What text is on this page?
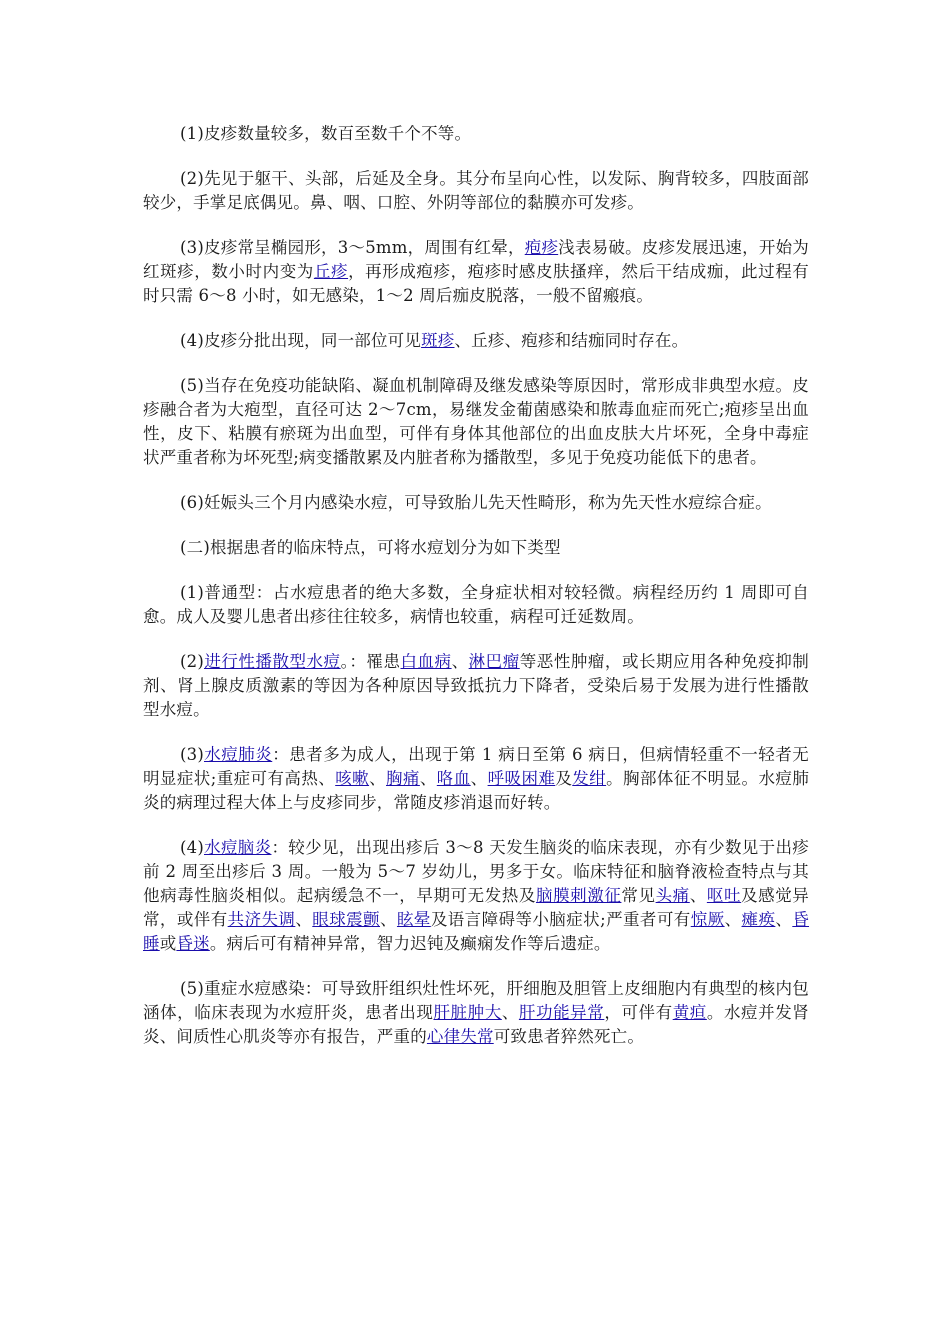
(1)皮疹数量较多，数百至数千个不等。

(2)先见于躯干、头部，后延及全身。其分布呈向心性，以发际、胸背较多，四肢面部较少，手掌足底偶见。鼻、咽、口腔、外阴等部位的黏膜亦可发疹。

(3)皮疹常呈椭园形，3～5mm，周围有红晕，疱疹浅表易破。皮疹发展迅速，开始为红斑疹，数小时内变为丘疹，再形成疱疹，疱疹时感皮肤搔痒，然后干结成痂，此过程有时只需 6～8 小时，如无感染，1～2 周后痂皮脱落，一般不留瘢痕。

(4)皮疹分批出现，同一部位可见斑疹、丘疹、疱疹和结痂同时存在。

(5)当存在免疫功能缺陷、凝血机制障碍及继发感染等原因时，常形成非典型水痘。皮疹融合者为大疱型，直径可达 2～7cm，易继发金葡菌感染和脓毒血症而死亡;疱疹呈出血性，皮下、粘膜有瘀斑为出血型，可伴有身体其他部位的出血皮肤大片坏死，全身中毒症状严重者称为坏死型;病变播散累及内脏者称为播散型，多见于免疫功能低下的患者。

(6)妊娠头三个月内感染水痘，可导致胎儿先天性畸形，称为先天性水痘综合症。

(二)根据患者的临床特点，可将水痘划分为如下类型

(1)普通型：占水痘患者的绝大多数，全身症状相对较轻微。病程经历约 1 周即可自愈。成人及婴儿患者出疹往往较多，病情也较重，病程可迁延数周。

(2)进行性播散型水痘。：罹患白血病、淋巴瘤等恶性肿瘤，或长期应用各种免疫抑制剂、肾上腺皮质激素的等因为各种原因导致抵抗力下降者，受染后易于发展为进行性播散型水痘。

(3)水痘肺炎：患者多为成人，出现于第 1 病日至第 6 病日，但病情轻重不一轻者无明显症状;重症可有高热、咳嗽、胸痛、咯血、呼吸困难及发绀。胸部体征不明显。水痘肺炎的病理过程大体上与皮疹同步，常随皮疹消退而好转。

(4)水痘脑炎：较少见，出现出疹后 3～8 天发生脑炎的临床表现，亦有少数见于出疹前 2 周至出疹后 3 周。一般为 5～7 岁幼儿，男多于女。临床特征和脑脊液检查特点与其他病毒性脑炎相似。起病缓急不一，早期可无发热及脑膜刺激征常见头痛、呕吐及感觉异常，或伴有共济失调、眼球震颤、眩晕及语言障碍等小脑症状;严重者可有惊厥、瘫痪、昏睡或昏迷。病后可有精神异常，智力迟钝及癫痫发作等后遗症。

(5)重症水痘感染：可导致肝组织灶性坏死，肝细胞及胆管上皮细胞内有典型的核内包涵体，临床表现为水痘肝炎，患者出现肝脏肿大、肝功能异常，可伴有黄疸。水痘并发肾炎、间质性心肌炎等亦有报告，严重的心律失常可致患者猝然死亡。
